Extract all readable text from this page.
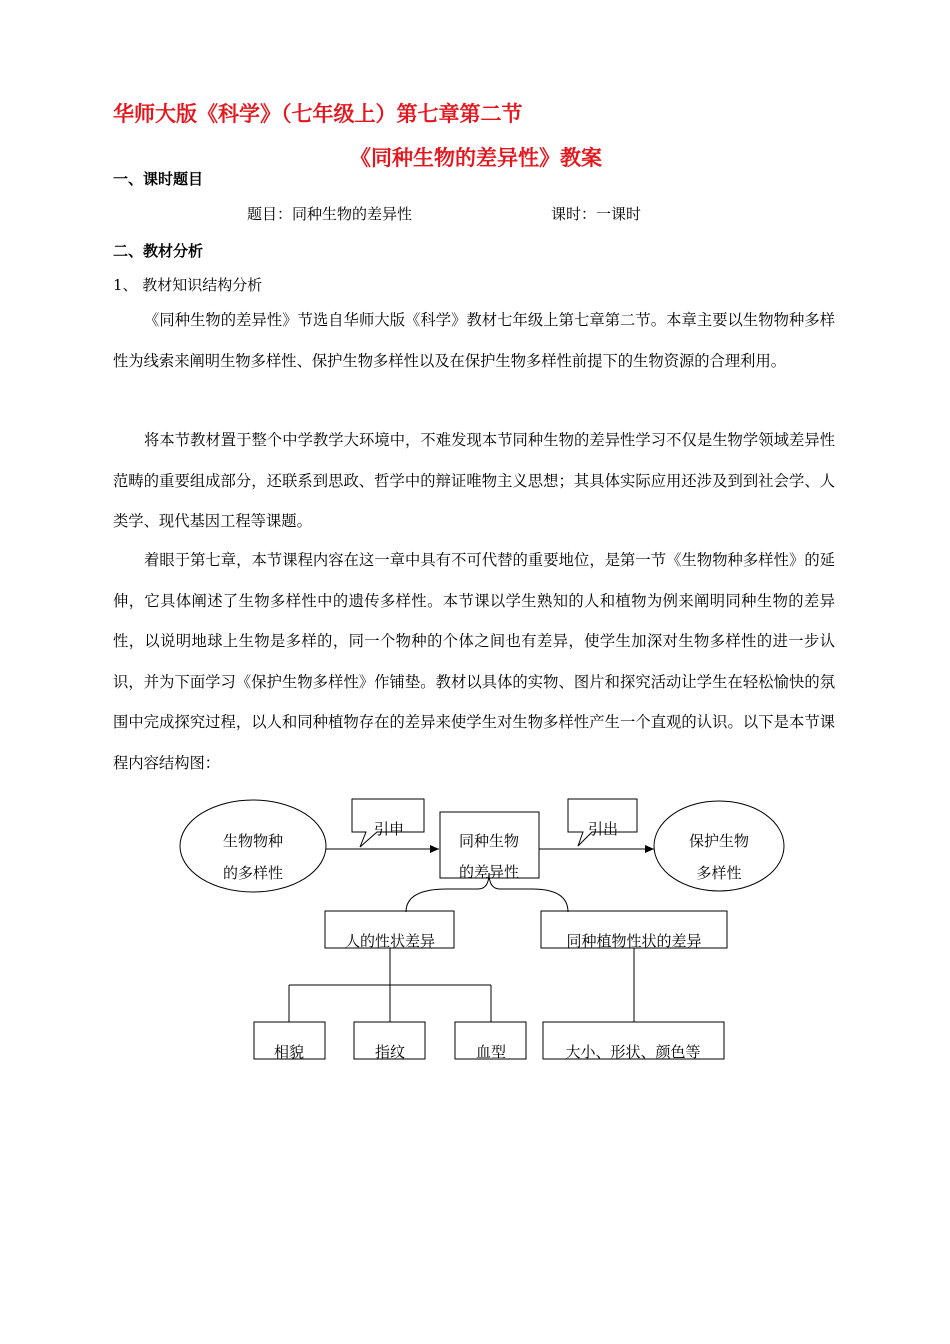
华师大版《科学》（七年级上）第七章第二节
《同种生物的差异性》教案
一、课时题目
题目：同种生物的差异性	课时：一课时
二、教材分析
1、 教材知识结构分析

《同种生物的差异性》节选自华师大版《科学》教材七年级上第七章第二节。本章主要以生物物种多样性为线索来阐明生物多样性、保护生物多样性以及在保护生物多样性前提下的生物资源的合理利用。

将本节教材置于整个中学教学大环境中，不难发现本节同种生物的差异性学习不仅是生物学领域差异性范畴的重要组成部分，还联系到思政、哲学中的辩证唯物主义思想；其具体实际应用还涉及到到社会学、人类学、现代基因工程等课题。

着眼于第七章，本节课程内容在这一章中具有不可代替的重要地位，是第一节《生物物种多样性》的延伸，它具体阐述了生物多样性中的遗传多样性。本节课以学生熟知的人和植物为例来阐明同种生物的差异性，以说明地球上生物是多样的，同一个物种的个体之间也有差异，使学生加深对生物多样性的进一步认识，并为下面学习《保护生物多样性》作铺垫。教材以具体的实物、图片和探究活动让学生在轻松愉快的氛围中完成探究过程，以人和同种植物存在的差异来使学生对生物多样性产生一个直观的认识。以下是本节课程内容结构图：

生物物种
的多样性
引申
同种生物
的差异性
引出
保护生物
多样性
人的性状差异	同种植物性状的差异
相貌	指纹	血型	大小、形状、颜色等
